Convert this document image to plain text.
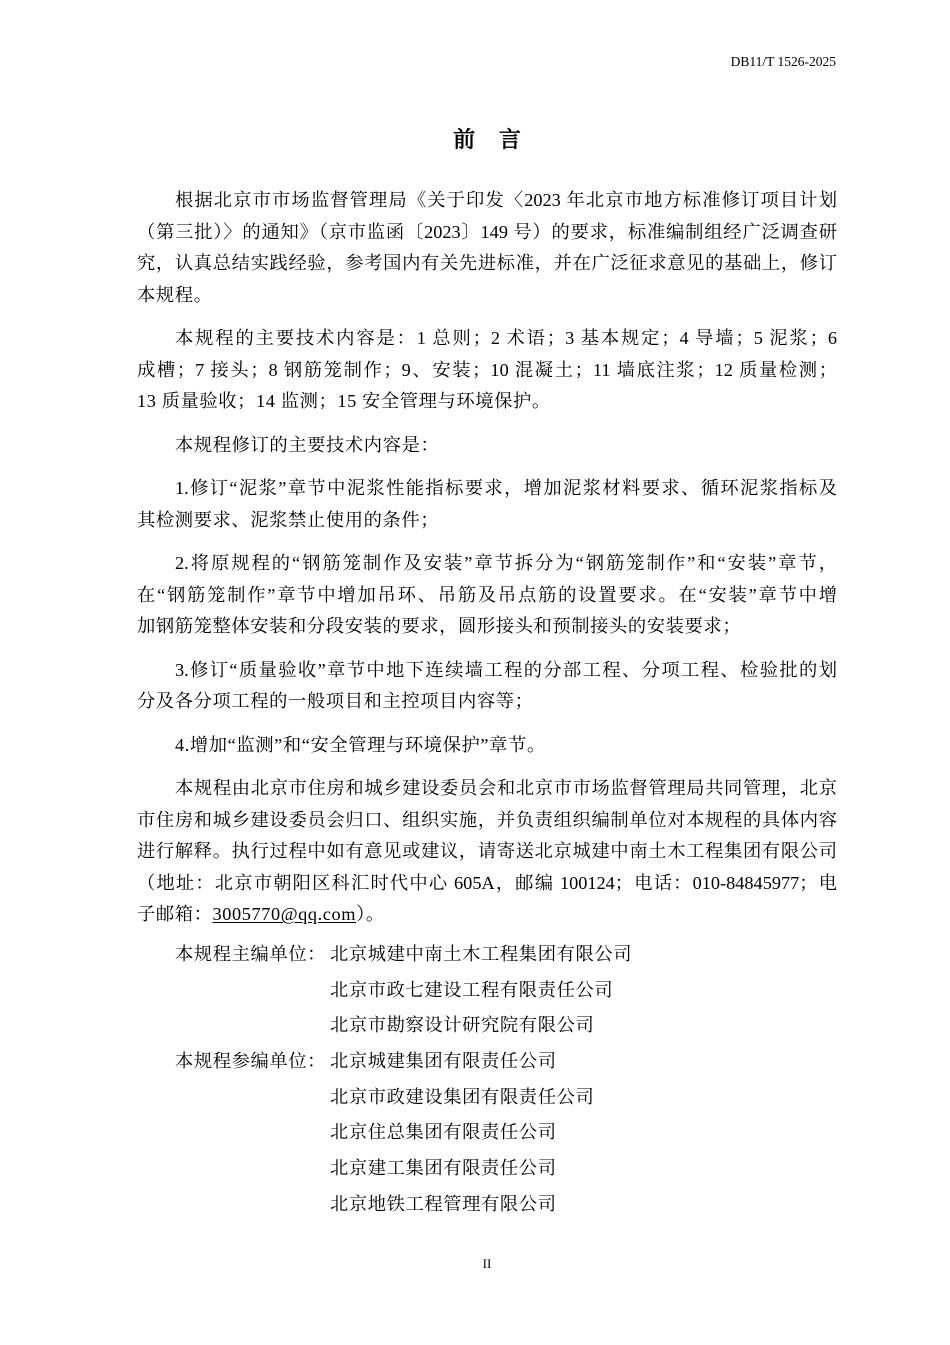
DB11/T 1526-2025
前 言
根据北京市市场监督管理局《关于印发〈2023 年北京市地方标准修订项目计划
（第三批）〉的通知》（京市监函〔2023〕149 号）的要求，标准编制组经广泛调查研
究，认真总结实践经验，参考国内有关先进标准，并在广泛征求意见的基础上，修订
本规程。
本规程的主要技术内容是：1 总则；2 术语；3 基本规定；4 导墙；5 泥浆；6
成槽；7 接头；8 钢筋笼制作；9、安装；10 混凝土；11 墙底注浆；12 质量检测；
13 质量验收；14 监测；15 安全管理与环境保护。
本规程修订的主要技术内容是：
1.修订“泥浆”章节中泥浆性能指标要求，增加泥浆材料要求、循环泥浆指标及
其检测要求、泥浆禁止使用的条件；
2.将原规程的“钢筋笼制作及安装”章节拆分为“钢筋笼制作”和“安装”章节，
在“钢筋笼制作”章节中增加吊环、吊筋及吊点筋的设置要求。在“安装”章节中增
加钢筋笼整体安装和分段安装的要求，圆形接头和预制接头的安装要求；
3.修订“质量验收”章节中地下连续墙工程的分部工程、分项工程、检验批的划
分及各分项工程的一般项目和主控项目内容等；
4.增加“监测”和“安全管理与环境保护”章节。
本规程由北京市住房和城乡建设委员会和北京市市场监督管理局共同管理，北京
市住房和城乡建设委员会归口、组织实施，并负责组织编制单位对本规程的具体内容
进行解释。执行过程中如有意见或建议，请寄送北京城建中南土木工程集团有限公司
（地址：北京市朝阳区科汇时代中心 605A，邮编 100124；电话：010-84845977；电
子邮箱：3005770@qq.com）。
本规程主编单位： 北京城建中南土木工程集团有限公司
北京市政七建设工程有限责任公司
北京市勘察设计研究院有限公司
本规程参编单位： 北京城建集团有限责任公司
北京市政建设集团有限责任公司
北京住总集团有限责任公司
北京建工集团有限责任公司
北京地铁工程管理有限公司
II
